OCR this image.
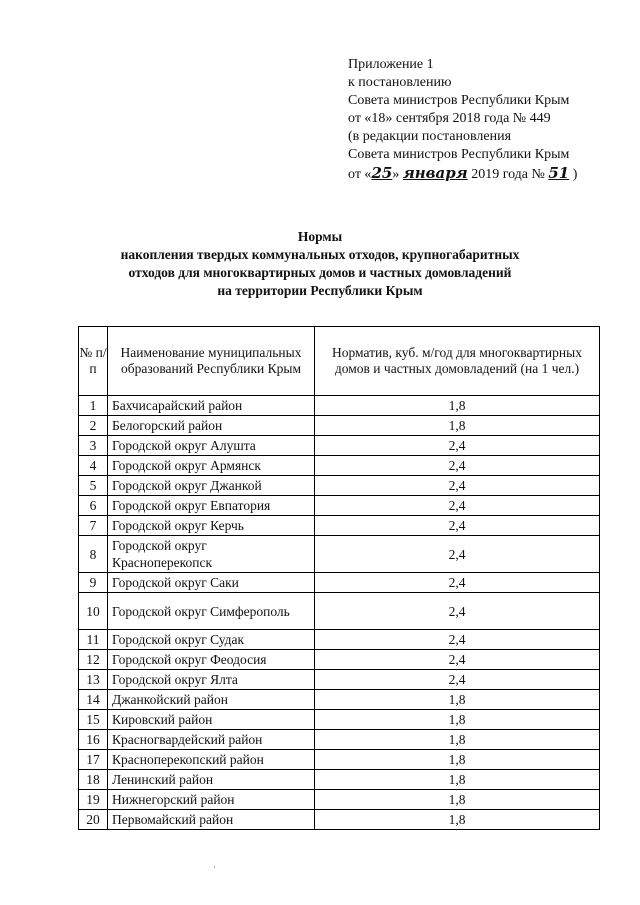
Приложение 1
к постановлению
Совета министров Республики Крым
от «18» сентября 2018 года № 449
(в редакции постановления
Совета министров Республики Крым
от «25» января 2019 года № 51 )
Нормы
накопления твердых коммунальных отходов, крупногабаритных
отходов для многоквартирных домов и частных домовладений
на территории Республики Крым
№ п/п	Наименование муниципальных образований Республики Крым	Норматив, куб. м/год для многоквартирных домов и частных домовладений (на 1 чел.)
1	Бахчисарайский район	1,8
2	Белогорский район	1,8
3	Городской округ Алушта	2,4
4	Городской округ Армянск	2,4
5	Городской округ Джанкой	2,4
6	Городской округ Евпатория	2,4
7	Городской округ Керчь	2,4
8	Городской округ Красноперекопск	2,4
9	Городской округ Саки	2,4
10	Городской округ Симферополь	2,4
11	Городской округ Судак	2,4
12	Городской округ Феодосия	2,4
13	Городской округ Ялта	2,4
14	Джанкойский район	1,8
15	Кировский район	1,8
16	Красногвардейский район	1,8
17	Красноперекопский район	1,8
18	Ленинский район	1,8
19	Нижнегорский район	1,8
20	Первомайский район	1,8
·
